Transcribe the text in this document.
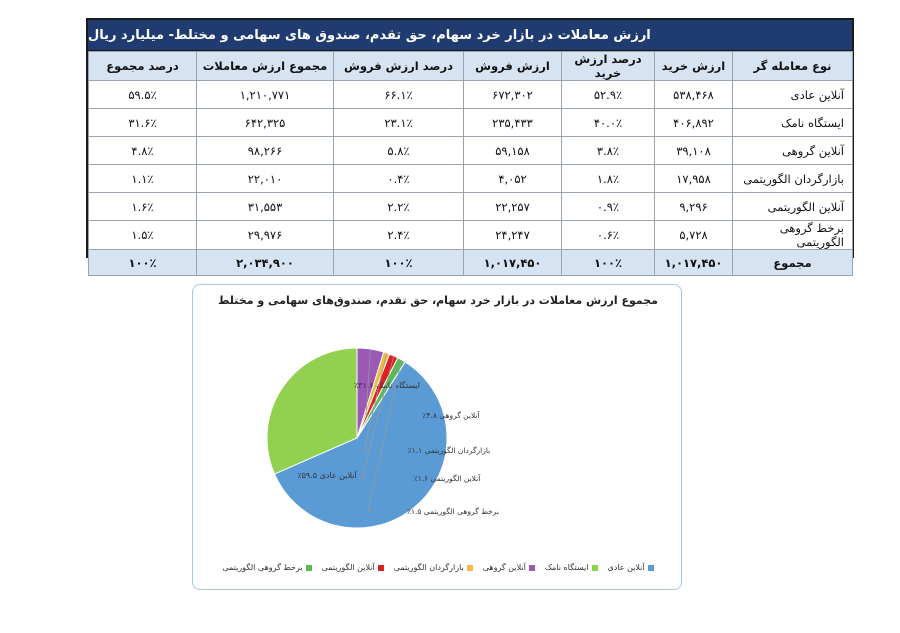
ارزش معاملات در بازار خرد سهام، حق تقدم، صندوق های سهامی و مختلط- میلیارد ریال
نوع معامله گر	ارزش خرید	درصد ارزش خرید	ارزش فروش	درصد ارزش فروش	مجموع ارزش معاملات	درصد مجموع
آنلاین عادی	۵۳۸,۴۶۸	۵۲.۹٪	۶۷۲,۳۰۲	۶۶.۱٪	۱,۲۱۰,۷۷۱	۵۹.۵٪
ایستگاه نامک	۴۰۶,۸۹۲	۴۰.۰٪	۲۳۵,۴۳۳	۲۳.۱٪	۶۴۲,۳۲۵	۳۱.۶٪
آنلاین گروهی	۳۹,۱۰۸	۳.۸٪	۵۹,۱۵۸	۵.۸٪	۹۸,۲۶۶	۴.۸٪
بازارگردان الگوریتمی	۱۷,۹۵۸	۱.۸٪	۴,۰۵۲	۰.۴٪	۲۲,۰۱۰	۱.۱٪
آنلاین الگوریتمی	۹,۲۹۶	۰.۹٪	۲۲,۲۵۷	۲.۲٪	۳۱,۵۵۳	۱.۶٪
برخط گروهی الگوریتمی	۵,۷۲۸	۰.۶٪	۲۴,۲۴۷	۲.۴٪	۲۹,۹۷۶	۱.۵٪
مجموع	۱,۰۱۷,۴۵۰	۱۰۰٪	۱,۰۱۷,۴۵۰	۱۰۰٪	۲,۰۳۴,۹۰۰	۱۰۰٪
مجموع ارزش معاملات در بازار خرد سهام، حق تقدم، صندوق‌های سهامی و مختلط
آنلاین عادی ۵۹.۵٪
ایستگاه نامک ۳۱.۶٪
آنلاین گروهی ۴.۸٪
بازارگردان الگوریتمی ۱.۱٪
آنلاین الگوریتمی ۱.۶٪
برخط گروهی الگوریتمی ۱.۵٪
آنلاین عادی
ایستگاه نامک
آنلاین گروهی
بازارگردان الگوریتمی
آنلاین الگوریتمی
برخط گروهی الگوریتمی
